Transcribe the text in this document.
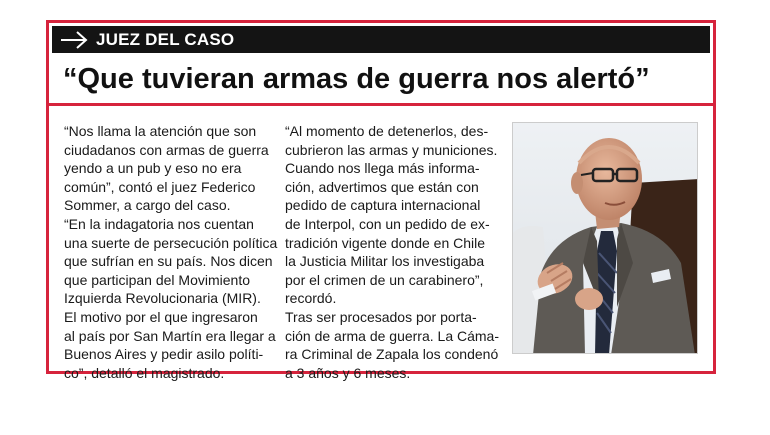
JUEZ DEL CASO
“Que tuvieran armas de guerra nos alertó”

“Nos llama la atención que son

ciudadanos con armas de guerra

yendo a un pub y eso no era

común”, contó el juez Federico

Sommer, a cargo del caso.

“En la indagatoria nos cuentan

una suerte de persecución política

que sufrían en su país. Nos dicen

que participan del Movimiento

Izquierda Revolucionaria (MIR).

El motivo por el que ingresaron

al país por San Martín era llegar a

Buenos Aires y pedir asilo políti-

co”, detalló el magistrado.

“Al momento de detenerlos, des-

cubrieron las armas y municiones.

Cuando nos llega más informa-

ción, advertimos que están con

pedido de captura internacional

de Interpol, con un pedido de ex-

tradición vigente donde en Chile

la Justicia Militar los investigaba

por el crimen de un carabinero”,

recordó.

Tras ser procesados por porta-

ción de arma de guerra. La Cáma-

ra Criminal de Zapala los condenó

a 3 años y 6 meses.
